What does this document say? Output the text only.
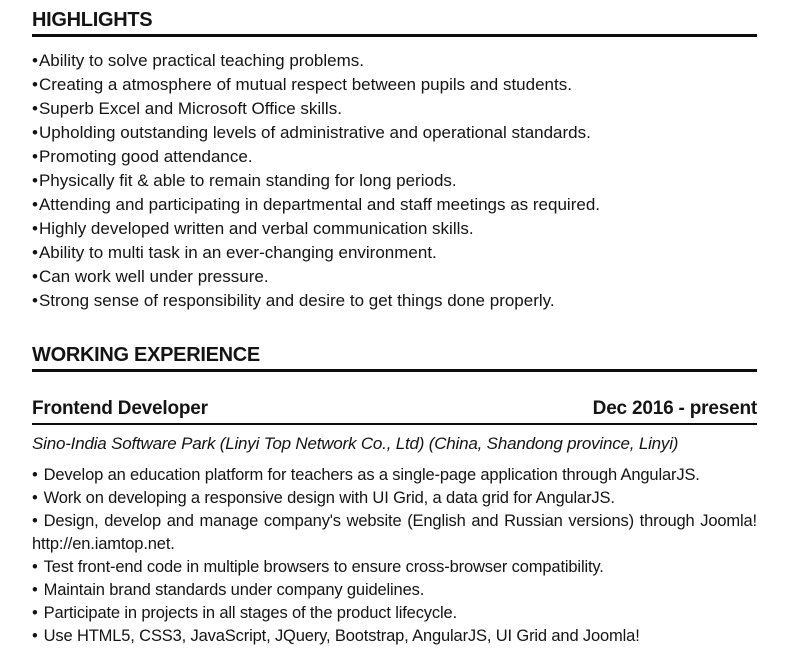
HIGHLIGHTS
•Ability to solve practical teaching problems.
•Creating a atmosphere of mutual respect between pupils and students.
•Superb Excel and Microsoft Office skills.
•Upholding outstanding levels of administrative and operational standards.
•Promoting good attendance.
•Physically fit & able to remain standing for long periods.
•Attending and participating in departmental and staff meetings as required.
•Highly developed written and verbal communication skills.
•Ability to multi task in an ever-changing environment.
•Can work well under pressure.
•Strong sense of responsibility and desire to get things done properly.
WORKING EXPERIENCE
Frontend Developer	Dec 2016 - present
Sino-India Software Park (Linyi Top Network Co., Ltd) (China, Shandong province, Linyi)
• Develop an education platform for teachers as a single-page application through AngularJS.
• Work on developing a responsive design with UI Grid, a data grid for AngularJS.
• Design, develop and manage company's website (English and Russian versions) through Joomla! http://en.iamtop.net.
• Test front-end code in multiple browsers to ensure cross-browser compatibility.
• Maintain brand standards under company guidelines.
• Participate in projects in all stages of the product lifecycle.
• Use HTML5, CSS3, JavaScript, JQuery, Bootstrap, AngularJS, UI Grid and Joomla!
